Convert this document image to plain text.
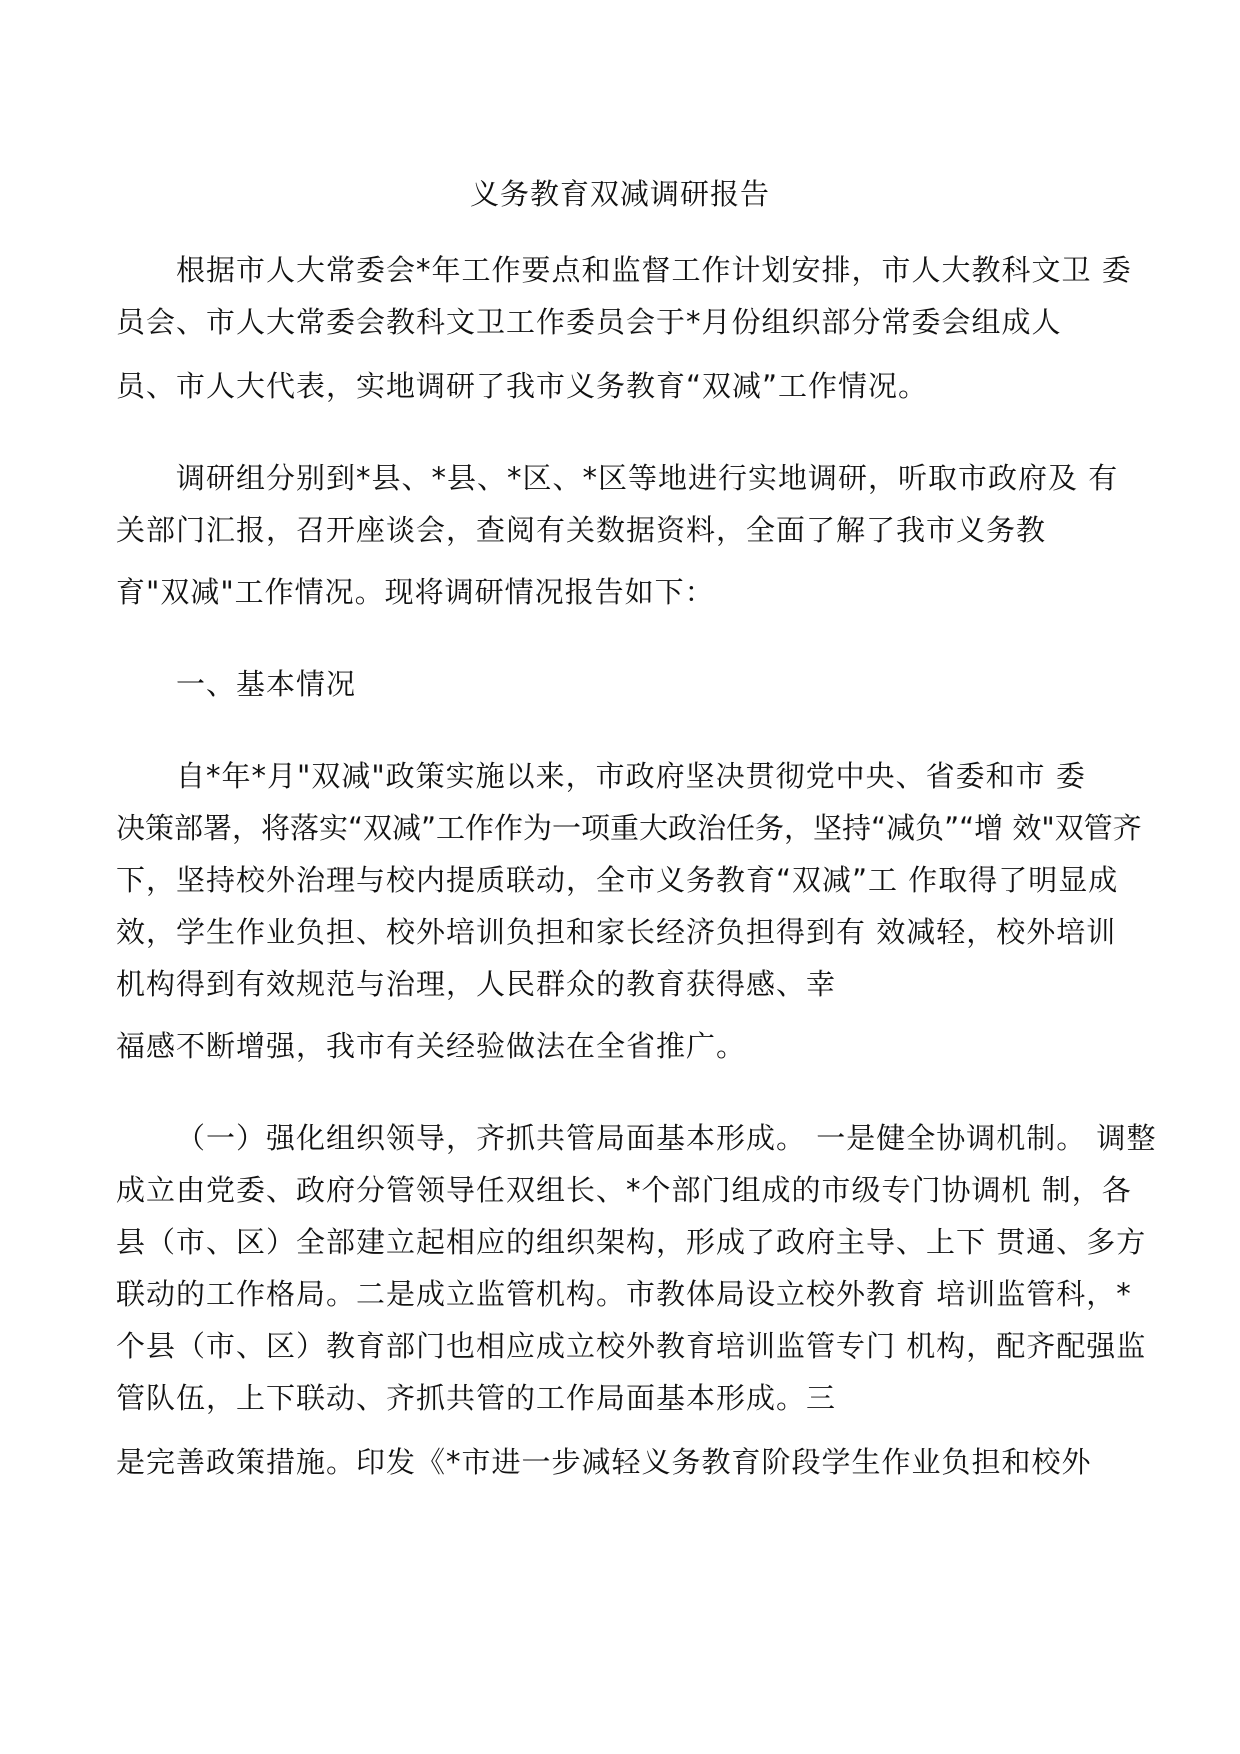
义务教育双减调研报告
根据市人大常委会*年工作要点和监督工作计划安排，市人大教科文卫 委
员会、市人大常委会教科文卫工作委员会于*月份组织部分常委会组成人
员、市人大代表，实地调研了我市义务教育“双减”工作情况。
调研组分别到*县、*县、*区、*区等地进行实地调研，听取市政府及 有
关部门汇报，召开座谈会，查阅有关数据资料，全面了解了我市义务教
育"双减"工作情况。现将调研情况报告如下：
一、基本情况
自*年*月"双减"政策实施以来，市政府坚决贯彻党中央、省委和市 委
决策部署，将落实“双减”工作作为一项重大政治任务，坚持“减负”“增 效"双管齐
下，坚持校外治理与校内提质联动，全市义务教育“双减”工 作取得了明显成
效，学生作业负担、校外培训负担和家长经济负担得到有 效减轻，校外培训
机构得到有效规范与治理，人民群众的教育获得感、幸
福感不断增强，我市有关经验做法在全省推广。
（一）强化组织领导，齐抓共管局面基本形成。 一是健全协调机制。 调整
成立由党委、政府分管领导任双组长、*个部门组成的市级专门协调机 制，各
县（市、区）全部建立起相应的组织架构，形成了政府主导、上下 贯通、多方
联动的工作格局。二是成立监管机构。市教体局设立校外教育 培训监管科，*
个县（市、区）教育部门也相应成立校外教育培训监管专门 机构，配齐配强监
管队伍，上下联动、齐抓共管的工作局面基本形成。三
是完善政策措施。印发《*市进一步减轻义务教育阶段学生作业负担和校外
